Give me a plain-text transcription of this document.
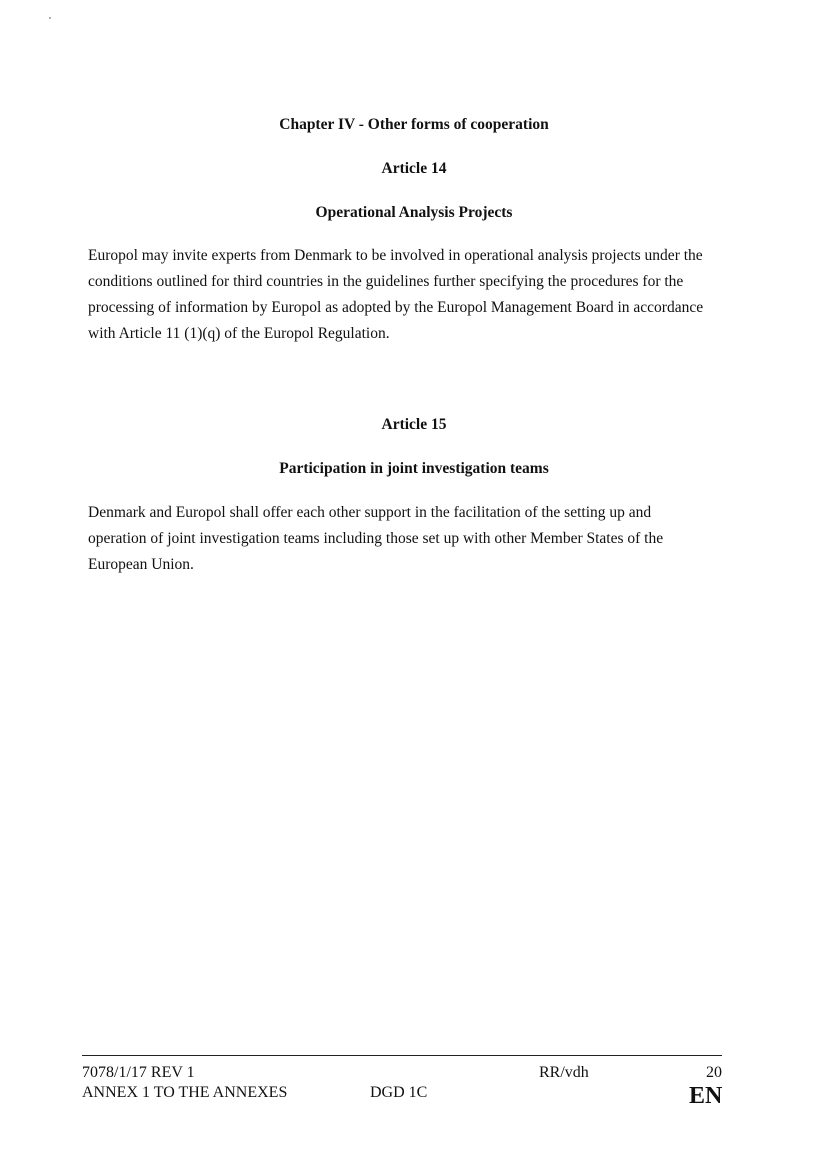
Chapter IV - Other forms of cooperation
Article 14
Operational Analysis Projects
Europol may invite experts from Denmark to be involved in operational analysis projects under the
conditions outlined for third countries in the guidelines further specifying the procedures for the
processing of information by Europol as adopted by the Europol Management Board in accordance
with Article 11 (1)(q) of the Europol Regulation.
Article 15
Participation in joint investigation teams
Denmark and Europol shall offer each other support in the facilitation of the setting up and
operation of joint investigation teams including those set up with other Member States of the
European Union.
7078/1/17 REV 1
ANNEX 1 TO THE ANNEXES	DGD 1C
RR/vdh	20
EN
